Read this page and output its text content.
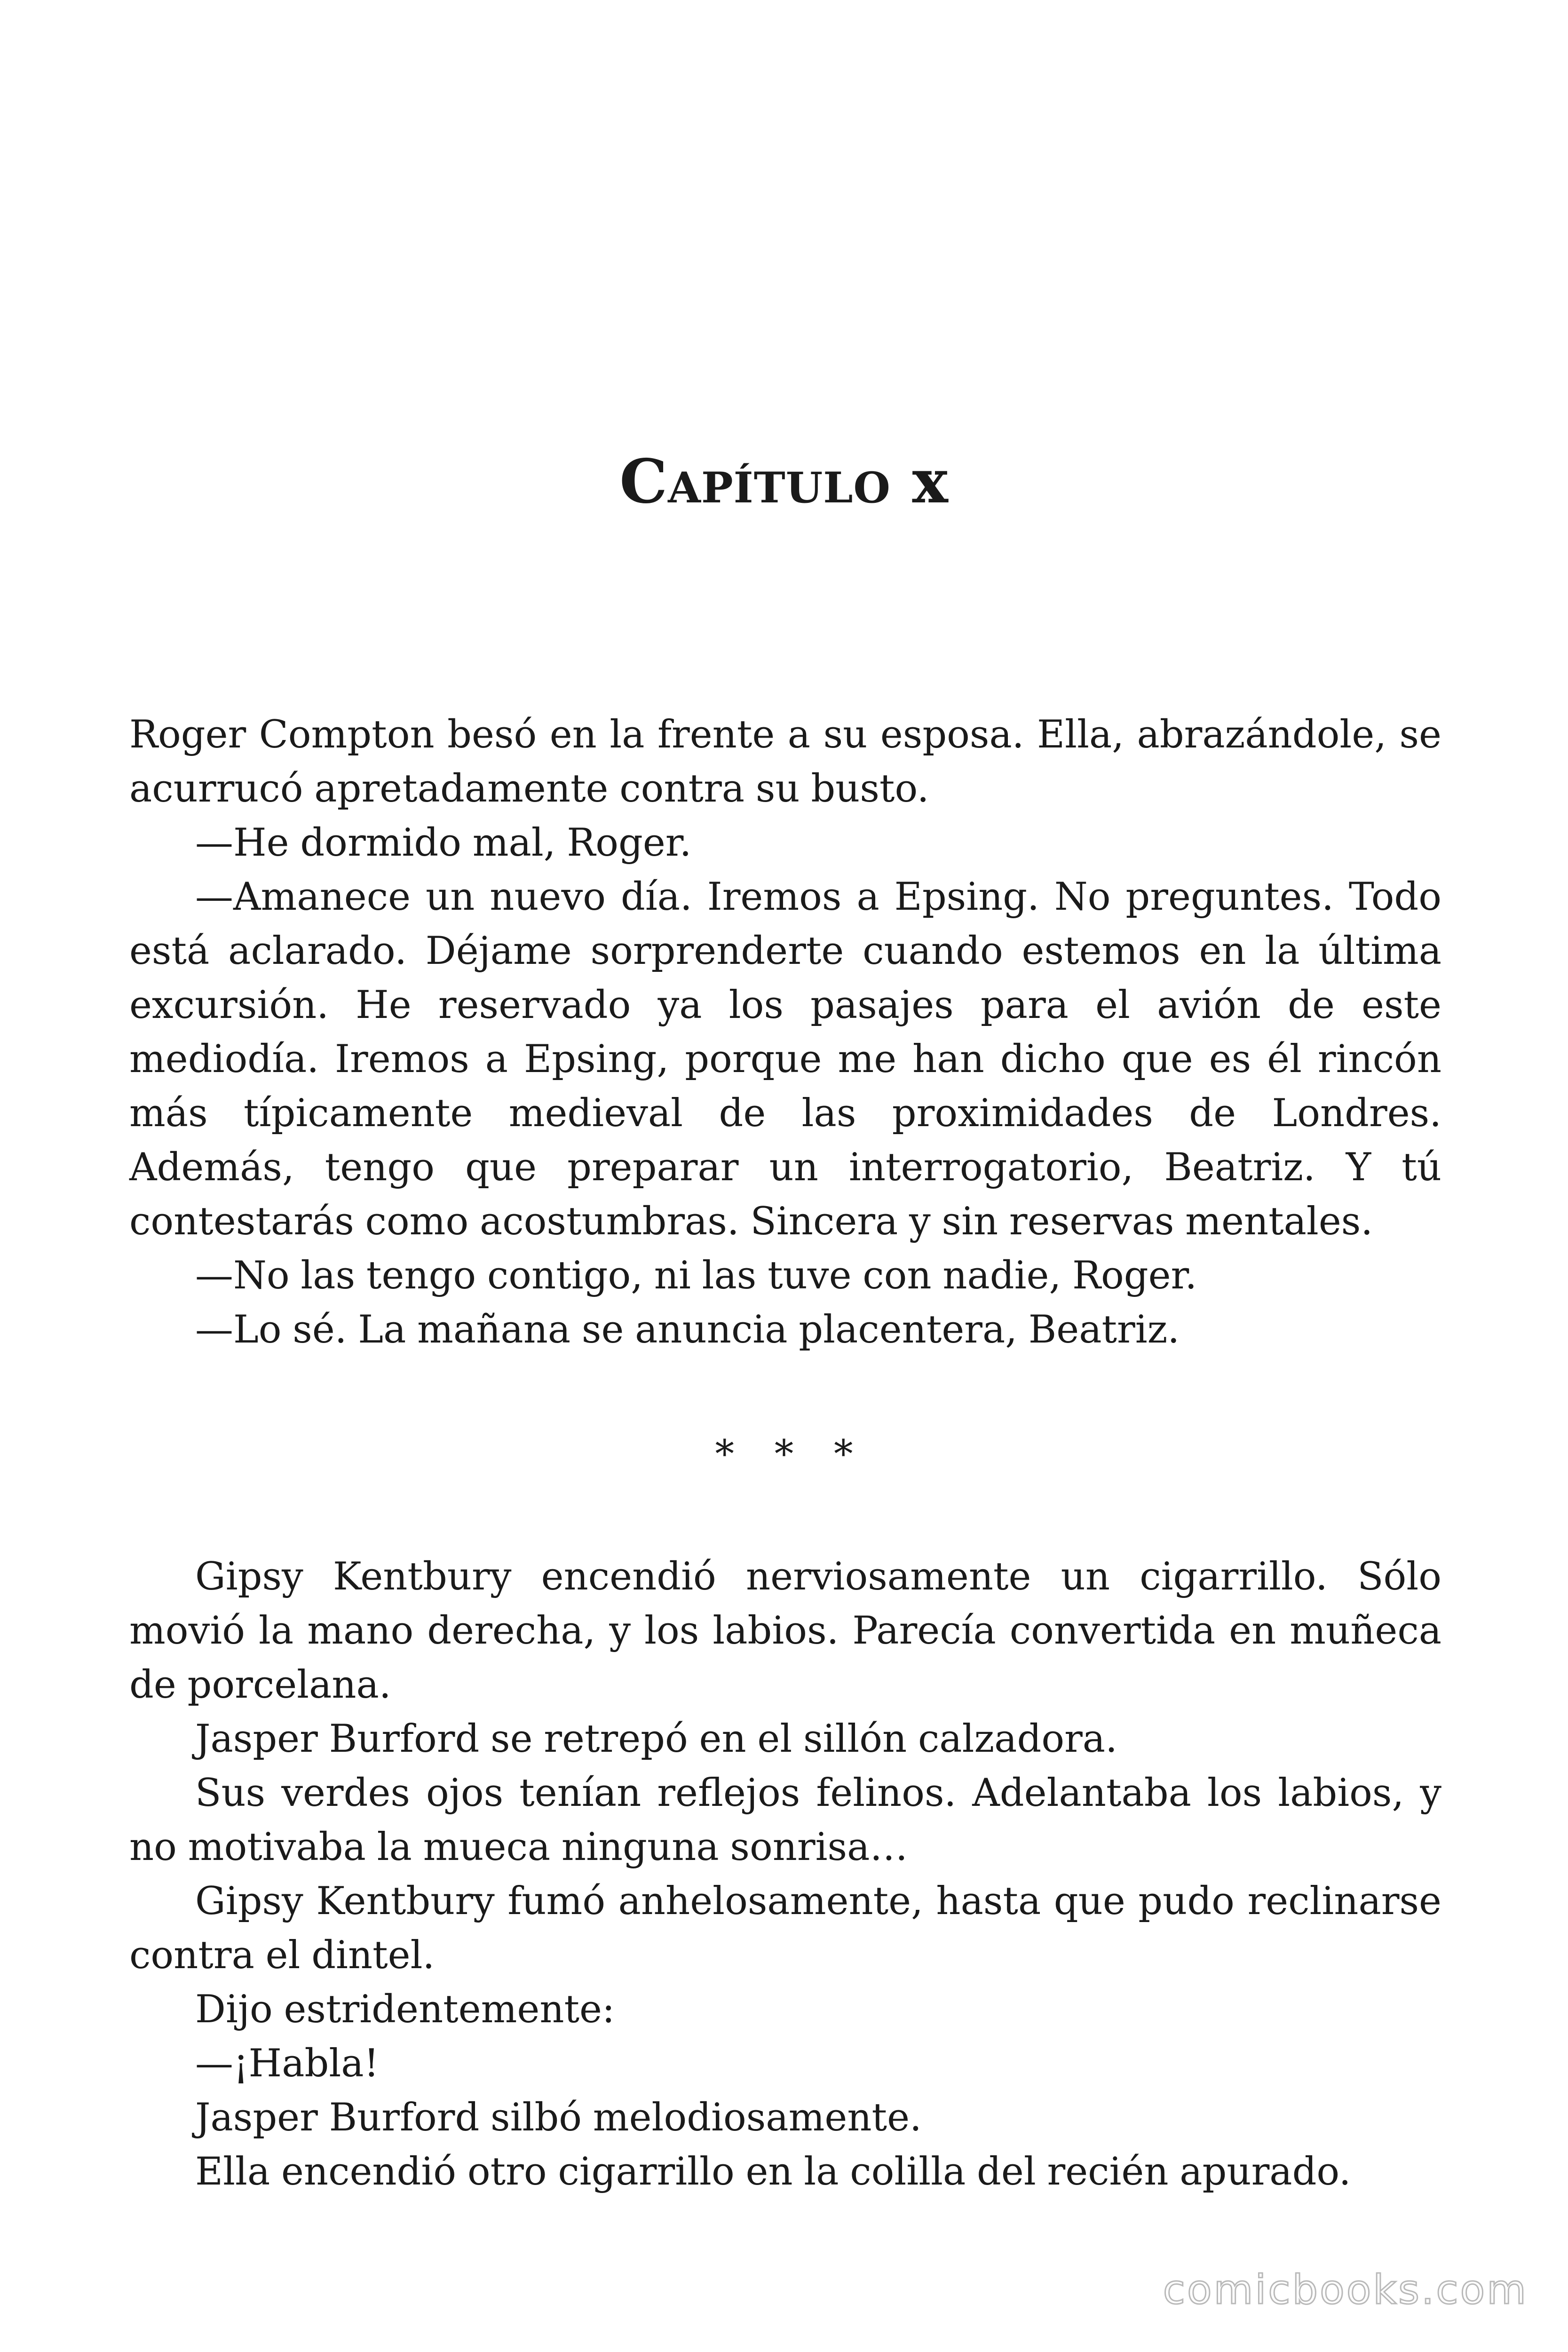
Capítulo x

Roger Compton besó en la frente a su esposa. Ella, abrazándole, se acurrucó apretadamente contra su busto.

—He dormido mal, Roger.

—Amanece un nuevo día. Iremos a Epsing. No preguntes. Todo está aclarado. Déjame sorprenderte cuando estemos en la última excursión. He reservado ya los pasajes para el avión de este mediodía. Iremos a Epsing, porque me han dicho que es él rincón más típicamente medieval de las proximidades de Londres. Además, tengo que preparar un interrogatorio, Beatriz. Y tú contestarás como acostumbras. Sincera y sin reservas mentales.

—No las tengo contigo, ni las tuve con nadie, Roger.

—Lo sé. La mañana se anuncia placentera, Beatriz.

* * *

Gipsy Kentbury encendió nerviosamente un cigarrillo. Sólo movió la mano derecha, y los labios. Parecía convertida en muñeca de porcelana.

Jasper Burford se retrepó en el sillón calzadora.

Sus verdes ojos tenían reflejos felinos. Adelantaba los labios, y no motivaba la mueca ninguna sonrisa…

Gipsy Kentbury fumó anhelosamente, hasta que pudo reclinarse contra el dintel.

Dijo estridentemente:

—¡Habla!

Jasper Burford silbó melodiosamente.

Ella encendió otro cigarrillo en la colilla del recién apurado.

comicbooks.com
